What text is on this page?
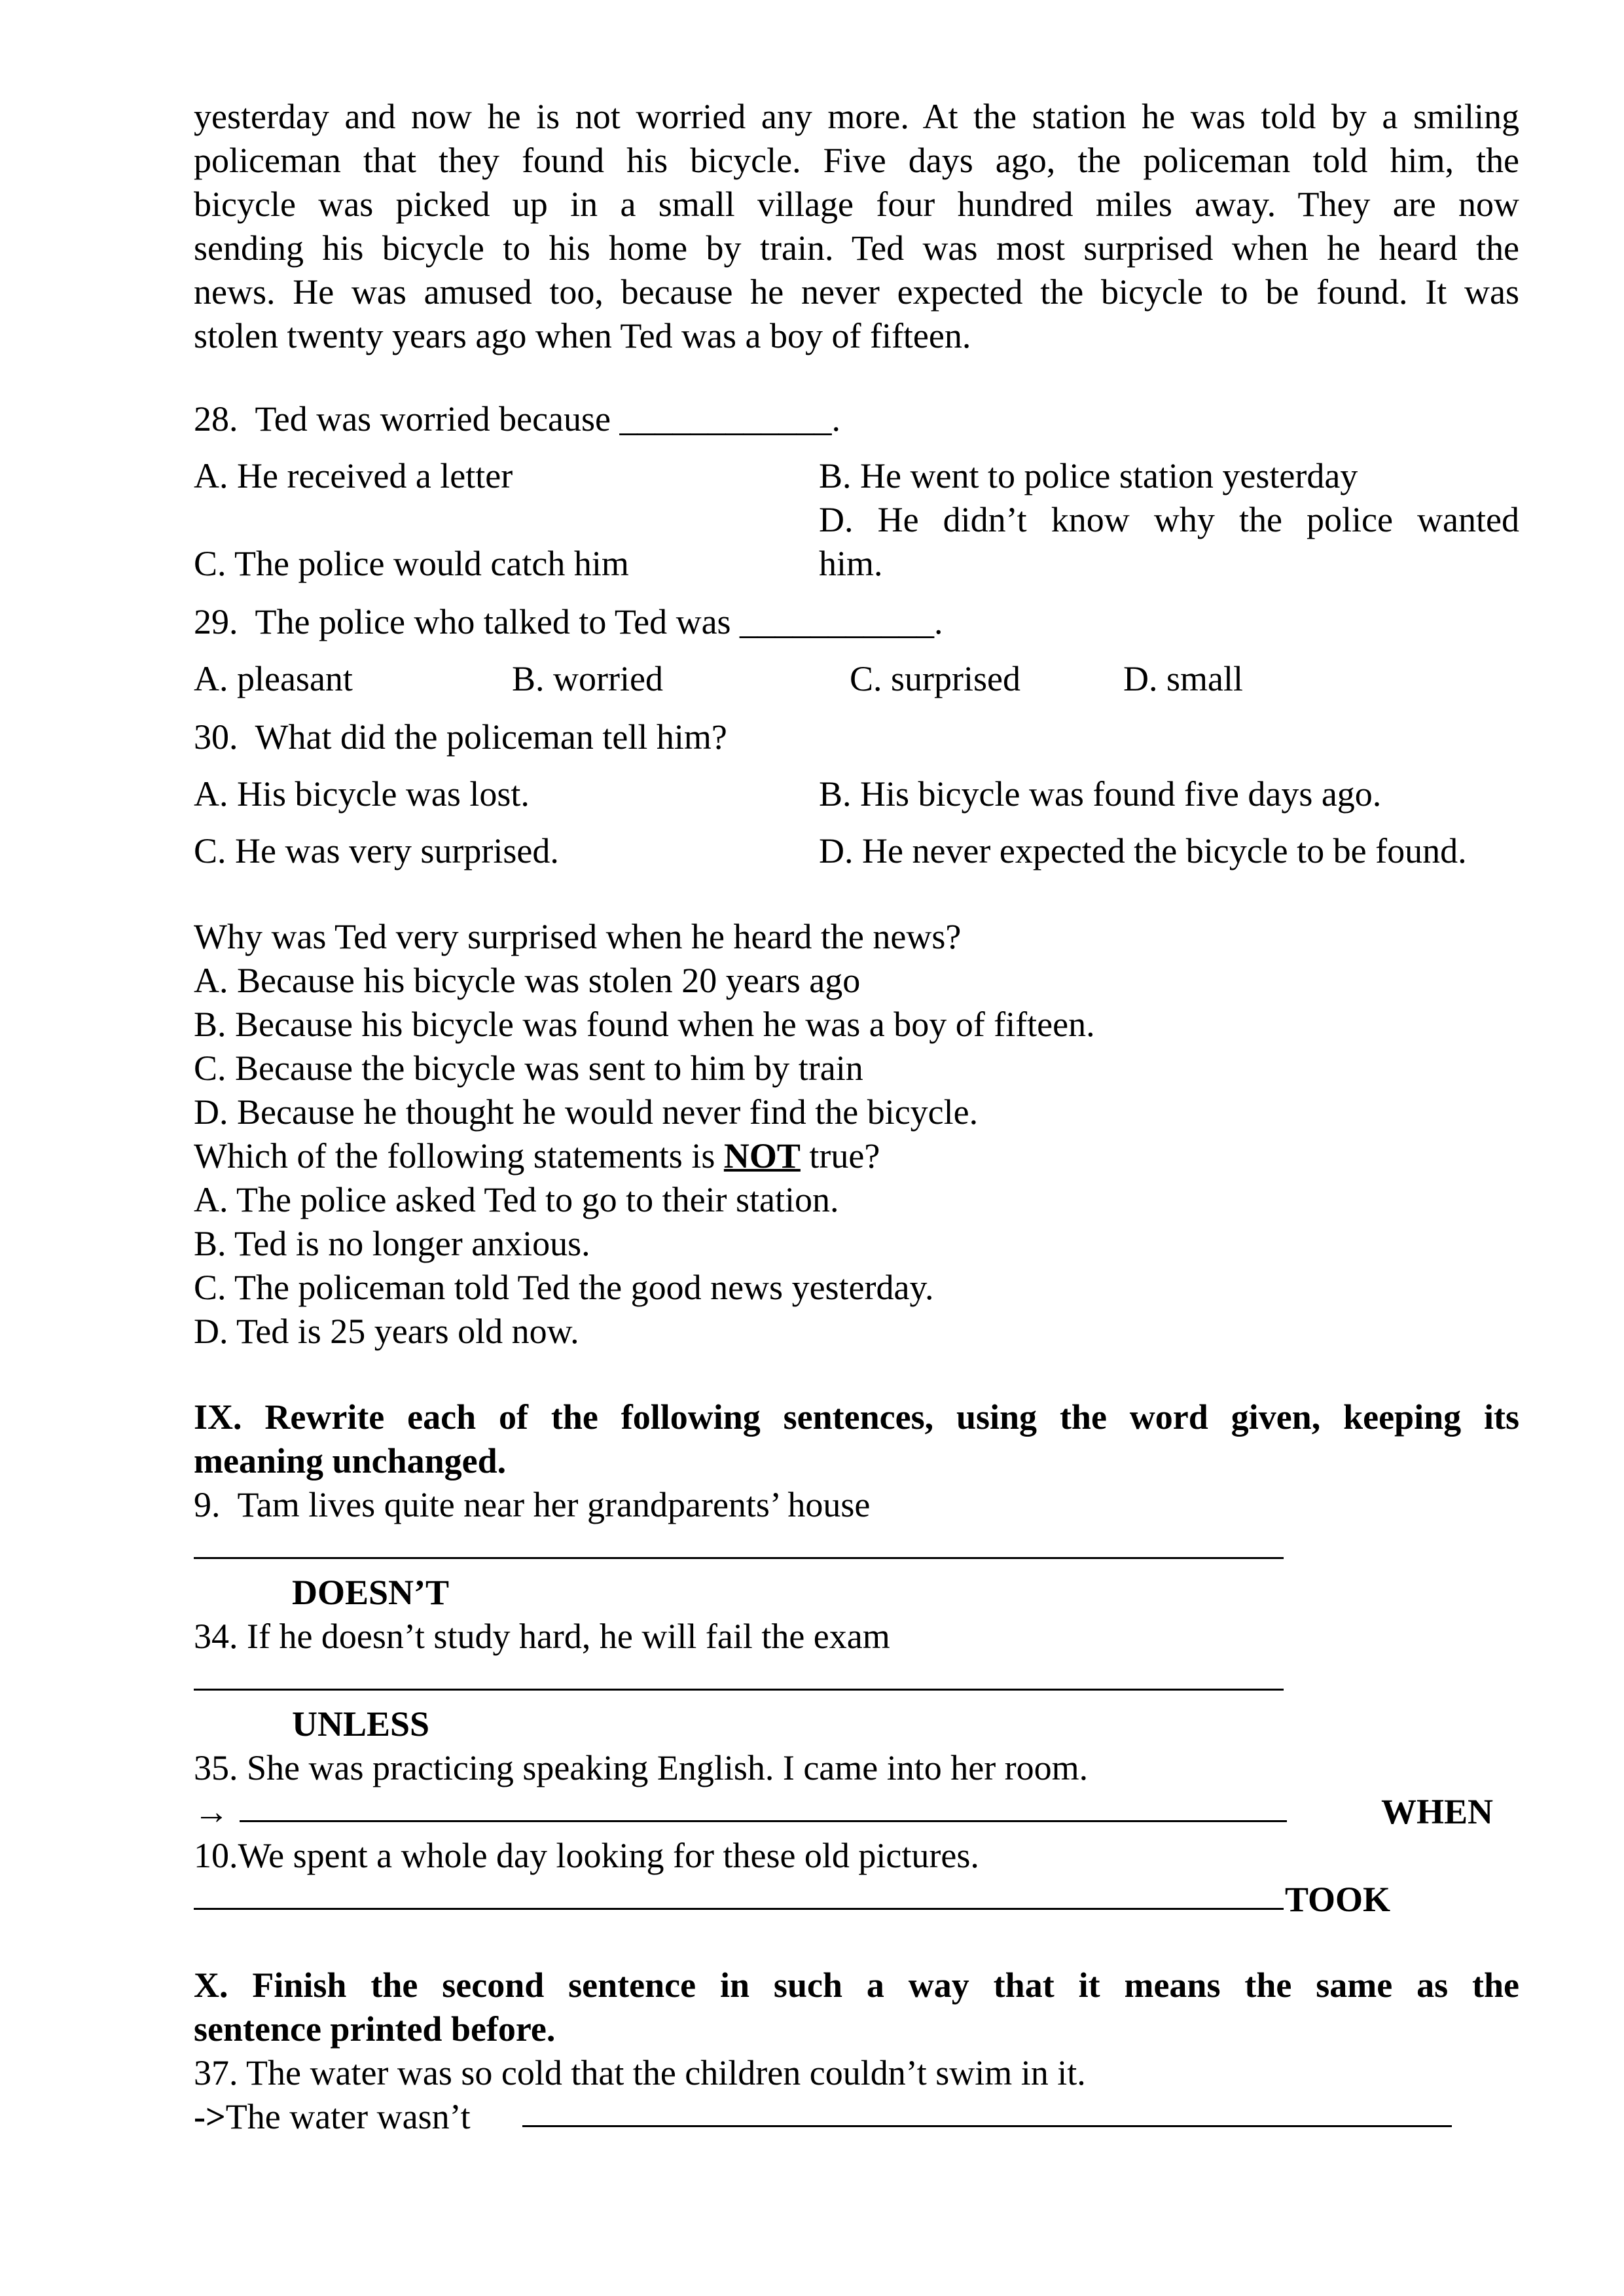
yesterday and now he is not worried any more. At the station he was told by a smiling

policeman that they found his bicycle. Five days ago, the policeman told him, the

bicycle was picked up in a small village four hundred miles away. They are now

sending his bicycle to his home by train. Ted was most surprised when he heard the

news. He was amused too, because he never expected the bicycle to be found. It was

stolen twenty years ago when Ted was a boy of fifteen.

28.  Ted was worried because ____________.
A. He received a letter	B. He went to police station yesterday
D. He didn’t know why the police wanted
C. The police would catch him	him.
29.  The police who talked to Ted was ___________.
A. pleasant	B. worried	C. surprised	D. small
30.  What did the policeman tell him?
A. His bicycle was lost.	B. His bicycle was found five days ago.
C. He was very surprised.	D. He never expected the bicycle to be found.
Why was Ted very surprised when he heard the news?
A. Because his bicycle was stolen 20 years ago
B. Because his bicycle was found when he was a boy of fifteen.
C. Because the bicycle was sent to him by train
D. Because he thought he would never find the bicycle.
Which of the following statements is NOT true?
A. The police asked Ted to go to their station.
B. Ted is no longer anxious.
C. The policeman told Ted the good news yesterday.
D. Ted is 25 years old now.
IX. Rewrite each of the following sentences, using the word given, keeping its
meaning unchanged.
9.  Tam lives quite near her grandparents’ house
DOESN’T
34. If he doesn’t study hard, he will fail the exam
UNLESS
35. She was practicing speaking English. I came into her room.
→	WHEN
10.We spent a whole day looking for these old pictures.
TOOK
X. Finish the second sentence in such a way that it means the same as the
sentence printed before.
37. The water was so cold that the children couldn’t swim in it.
-> The water wasn’t
